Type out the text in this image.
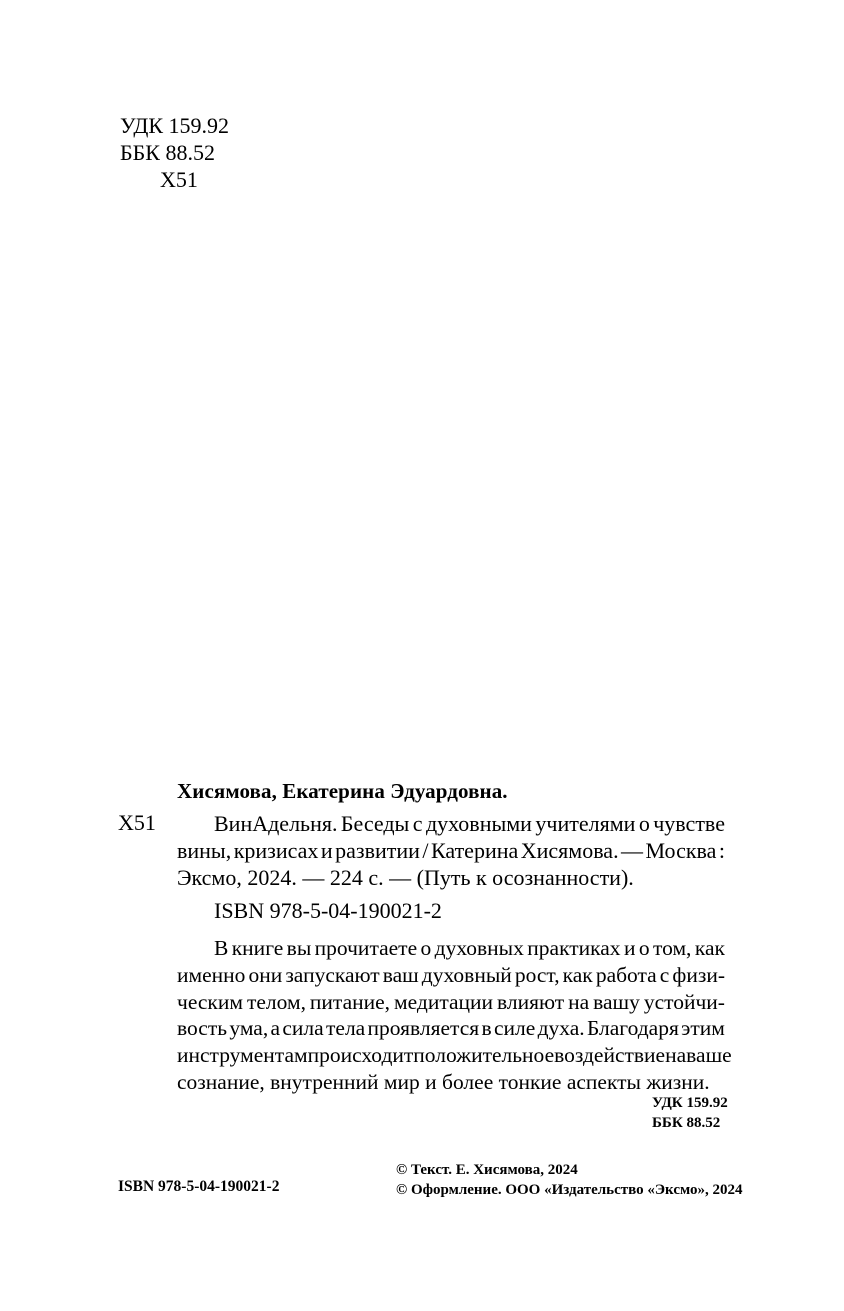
УДК 159.92
ББК 88.52
Х51
Хисямова, Екатерина Эдуардовна.
Х51	ВинАдельня. Беседы с духовными учителями о чувстве
вины, кризисах и развитии / Катерина Хисямова. — Москва :
Эксмо, 2024. — 224 с. — (Путь к осознанности).
ISBN 978-5-04-190021-2
В книге вы прочитаете о духовных практиках и о том, как
именно они запускают ваш духовный рост, как работа с физи-
ческим телом, питание, медитации влияют на вашу устойчи-
вость ума, а сила тела проявляется в силе духа. Благодаря этим
инструментам происходит положительное воздействие на ваше
сознание, внутренний мир и более тонкие аспекты жизни.
УДК 159.92
ББК 88.52
ISBN 978-5-04-190021-2
© Текст. Е. Хисямова, 2024
© Оформление. ООО «Издательство «Эксмо», 2024
